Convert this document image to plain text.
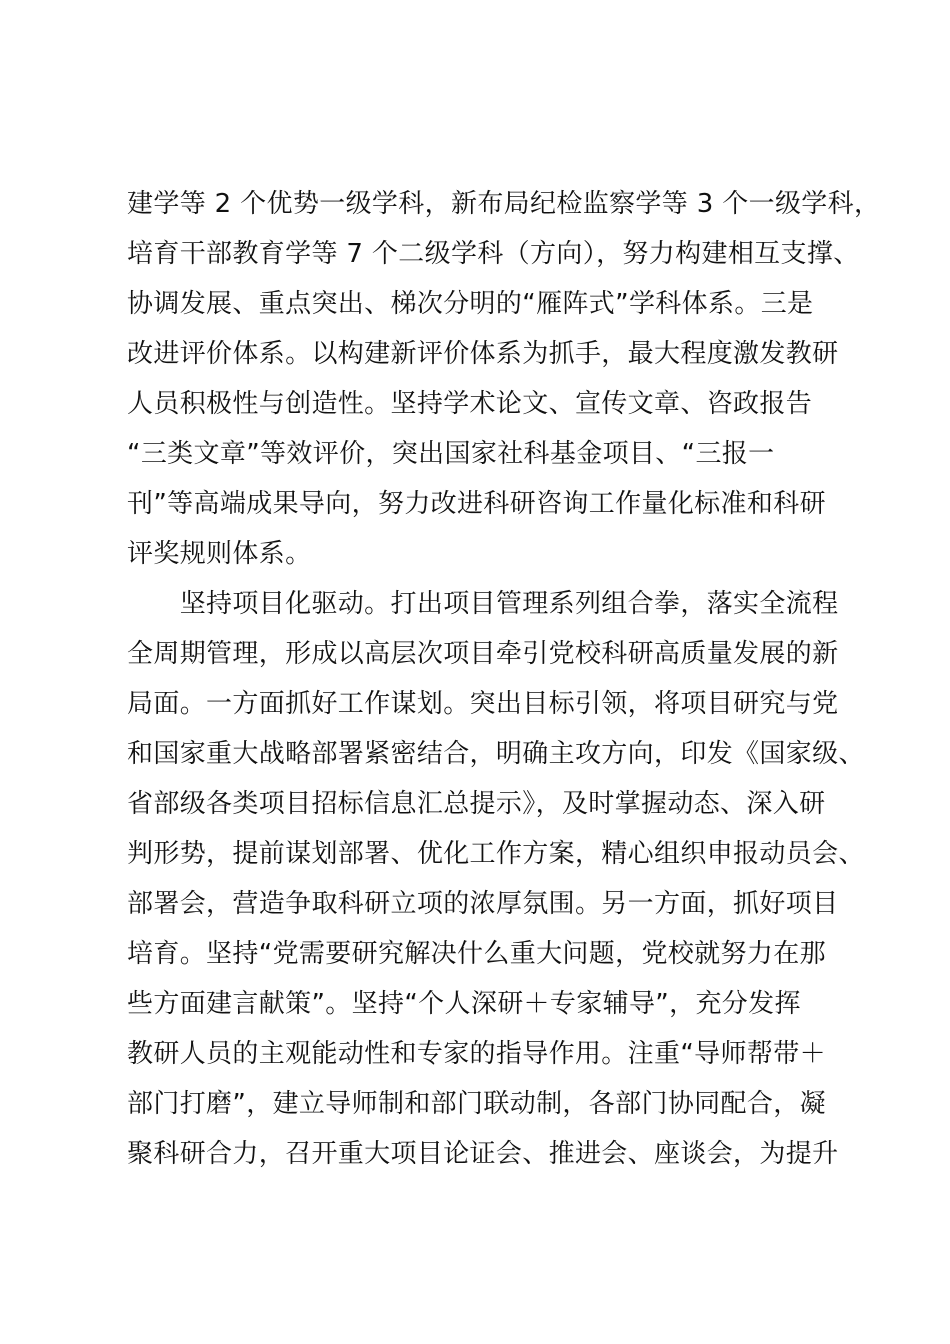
建学等 2 个优势一级学科，新布局纪检监察学等 3 个一级学科，
培育干部教育学等 7 个二级学科（方向），努力构建相互支撑、
协调发展、重点突出、梯次分明的“雁阵式”学科体系。三是
改进评价体系。以构建新评价体系为抓手，最大程度激发教研
人员积极性与创造性。坚持学术论文、宣传文章、咨政报告
“三类文章”等效评价，突出国家社科基金项目、“三报一
刊”等高端成果导向，努力改进科研咨询工作量化标准和科研
评奖规则体系。
　　坚持项目化驱动。打出项目管理系列组合拳，落实全流程
全周期管理，形成以高层次项目牵引党校科研高质量发展的新
局面。一方面抓好工作谋划。突出目标引领，将项目研究与党
和国家重大战略部署紧密结合，明确主攻方向，印发《国家级、
省部级各类项目招标信息汇总提示》，及时掌握动态、深入研
判形势，提前谋划部署、优化工作方案，精心组织申报动员会、
部署会，营造争取科研立项的浓厚氛围。另一方面，抓好项目
培育。坚持“党需要研究解决什么重大问题，党校就努力在那
些方面建言献策”。坚持“个人深研＋专家辅导”，充分发挥
教研人员的主观能动性和专家的指导作用。注重“导师帮带＋
部门打磨”，建立导师制和部门联动制，各部门协同配合，凝
聚科研合力，召开重大项目论证会、推进会、座谈会，为提升
